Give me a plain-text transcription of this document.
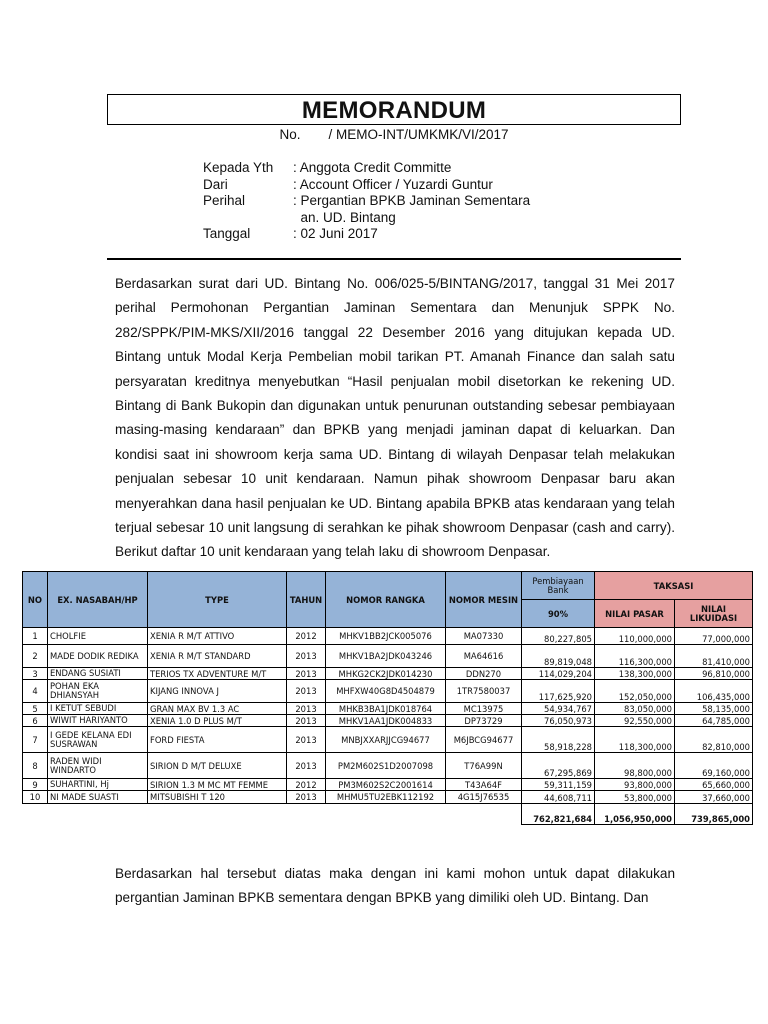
MEMORANDUM
No. / MEMO-INT/UMKMK/VI/2017
Kepada Yth	: Anggota Credit Committe
Dari	: Account Officer / Yuzardi Guntur
Perihal	: Pergantian BPKB Jaminan Sementara
an. UD. Bintang
Tanggal	: 02 Juni 2017

Berdasarkan surat dari UD. Bintang No. 006/025-5/BINTANG/2017, tanggal 31 Mei 2017 perihal Permohonan Pergantian Jaminan Sementara dan Menunjuk SPPK No. 282/SPPK/PIM-MKS/XII/2016 tanggal 22 Desember 2016 yang ditujukan kepada UD. Bintang untuk Modal Kerja Pembelian mobil tarikan PT. Amanah Finance dan salah satu persyaratan kreditnya menyebutkan “Hasil penjualan mobil disetorkan ke rekening UD. Bintang di Bank Bukopin dan digunakan untuk penurunan outstanding sebesar pembiayaan masing-masing kendaraan” dan BPKB yang menjadi jaminan dapat di keluarkan. Dan kondisi saat ini showroom kerja sama UD. Bintang di wilayah Denpasar telah melakukan penjualan sebesar 10 unit kendaraan. Namun pihak showroom Denpasar baru akan menyerahkan dana hasil penjualan ke UD. Bintang apabila BPKB atas kendaraan yang telah terjual sebesar 10 unit langsung di serahkan ke pihak showroom Denpasar (cash and carry). Berikut daftar 10 unit kendaraan yang telah laku di showroom Denpasar.

NO	EX. NASABAH/HP	TYPE	TAHUN	NOMOR RANGKA	NOMOR MESIN	Pembiayaan Bank	TAKSASI	
						90%	NILAI PASAR	NILAI LIKUIDASI
1	CHOLFIE	XENIA R M/T ATTIVO	2012	MHKV1BB2JCK005076	MA07330	80,227,805	110,000,000	77,000,000
2	MADE DODIK REDIKA	XENIA R M/T STANDARD	2013	MHKV1BA2JDK043246	MA64616	89,819,048	116,300,000	81,410,000
3	ENDANG SUSIATI	TERIOS TX ADVENTURE M/T	2013	MHKG2CK2JDK014230	DDN270	114,029,204	138,300,000	96,810,000
4	POHAN EKA DHIANSYAH	KIJANG INNOVA J	2013	MHFXW40G8D4504879	1TR7580037	117,625,920	152,050,000	106,435,000
5	I KETUT SEBUDI	GRAN MAX BV 1.3 AC	2013	MHKB3BA1JDK018764	MC13975	54,934,767	83,050,000	58,135,000
6	WIWIT HARIYANTO	XENIA 1.0 D PLUS M/T	2013	MHKV1AA1JDK004833	DP73729	76,050,973	92,550,000	64,785,000
7	I GEDE KELANA EDI SUSRAWAN	FORD FIESTA	2013	MNBJXXARJJCG94677	M6JBCG94677	58,918,228	118,300,000	82,810,000
8	RADEN WIDI WINDARTO	SIRION D M/T DELUXE	2013	PM2M602S1D2007098	T76A99N	67,295,869	98,800,000	69,160,000
9	SUHARTINI, Hj	SIRION 1.3 M MC MT FEMME	2012	PM3M602S2C2001614	T43A64F	59,311,159	93,800,000	65,660,000
10	NI MADE SUASTI	MITSUBISHI T 120	2013	MHMU5TU2EBK112192	4G15J76535	44,608,711	53,800,000	37,660,000
						762,821,684	1,056,950,000	739,865,000

Berdasarkan hal tersebut diatas maka dengan ini kami mohon untuk dapat dilakukan pergantian Jaminan BPKB sementara dengan BPKB yang dimiliki oleh UD. Bintang. Dan
